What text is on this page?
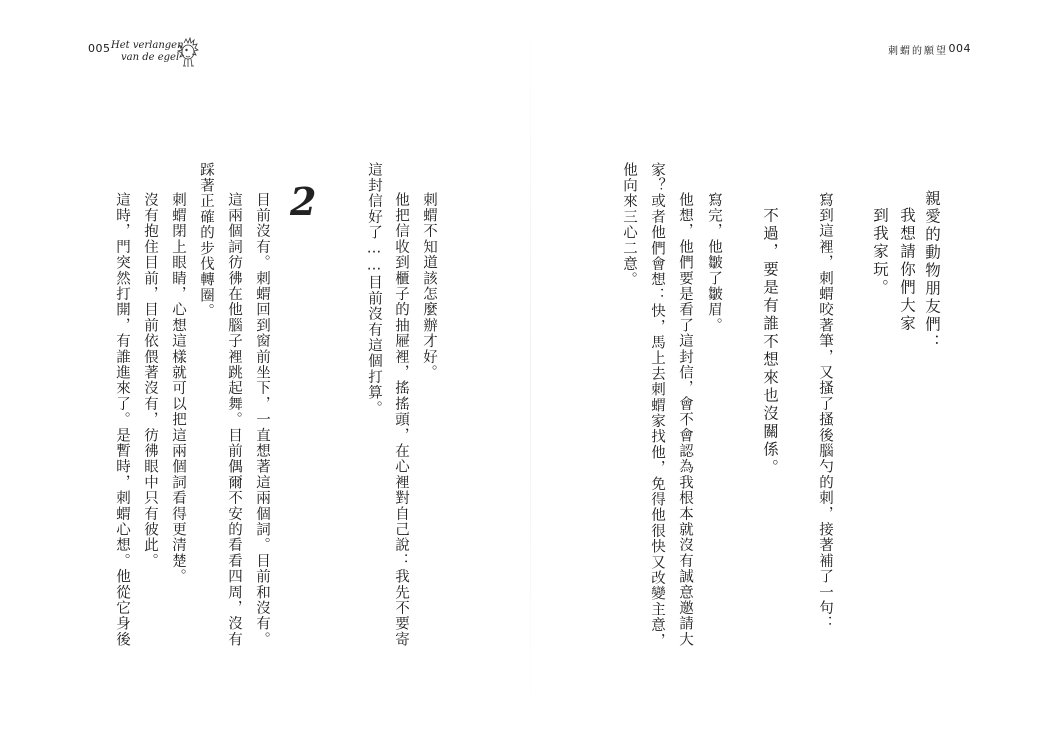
005 Het verlangen
van de egel
刺蝟的願望 004
親愛的動物朋友們：
我想請你們大家
到我家玩。
寫到這裡，刺蝟咬著筆，又搔了搔後腦勺的刺，接著補了一句：
不過，要是有誰不想來也沒關係。
寫完，他皺了皺眉。
他想，他們要是看了這封信，會不會認為我根本就沒有誠意邀請大
家？或者他們會想：快，馬上去刺蝟家找他，免得他很快又改變主意，
他向來三心二意。
刺蝟不知道該怎麼辦才好。
他把信收到櫃子的抽屜裡，搖搖頭，在心裡對自己說：我先不要寄
這封信好了……目前沒有這個打算。
2
目前沒有。刺蝟回到窗前坐下，一直想著這兩個詞。目前和沒有。
這兩個詞彷彿在他腦子裡跳起舞。目前偶爾不安的看看四周，沒有
踩著正確的步伐轉圈。
刺蝟閉上眼睛，心想這樣就可以把這兩個詞看得更清楚。
沒有抱住目前，目前依偎著沒有，彷彿眼中只有彼此。
這時，門突然打開，有誰進來了。是暫時，刺蝟心想。他從它身後
